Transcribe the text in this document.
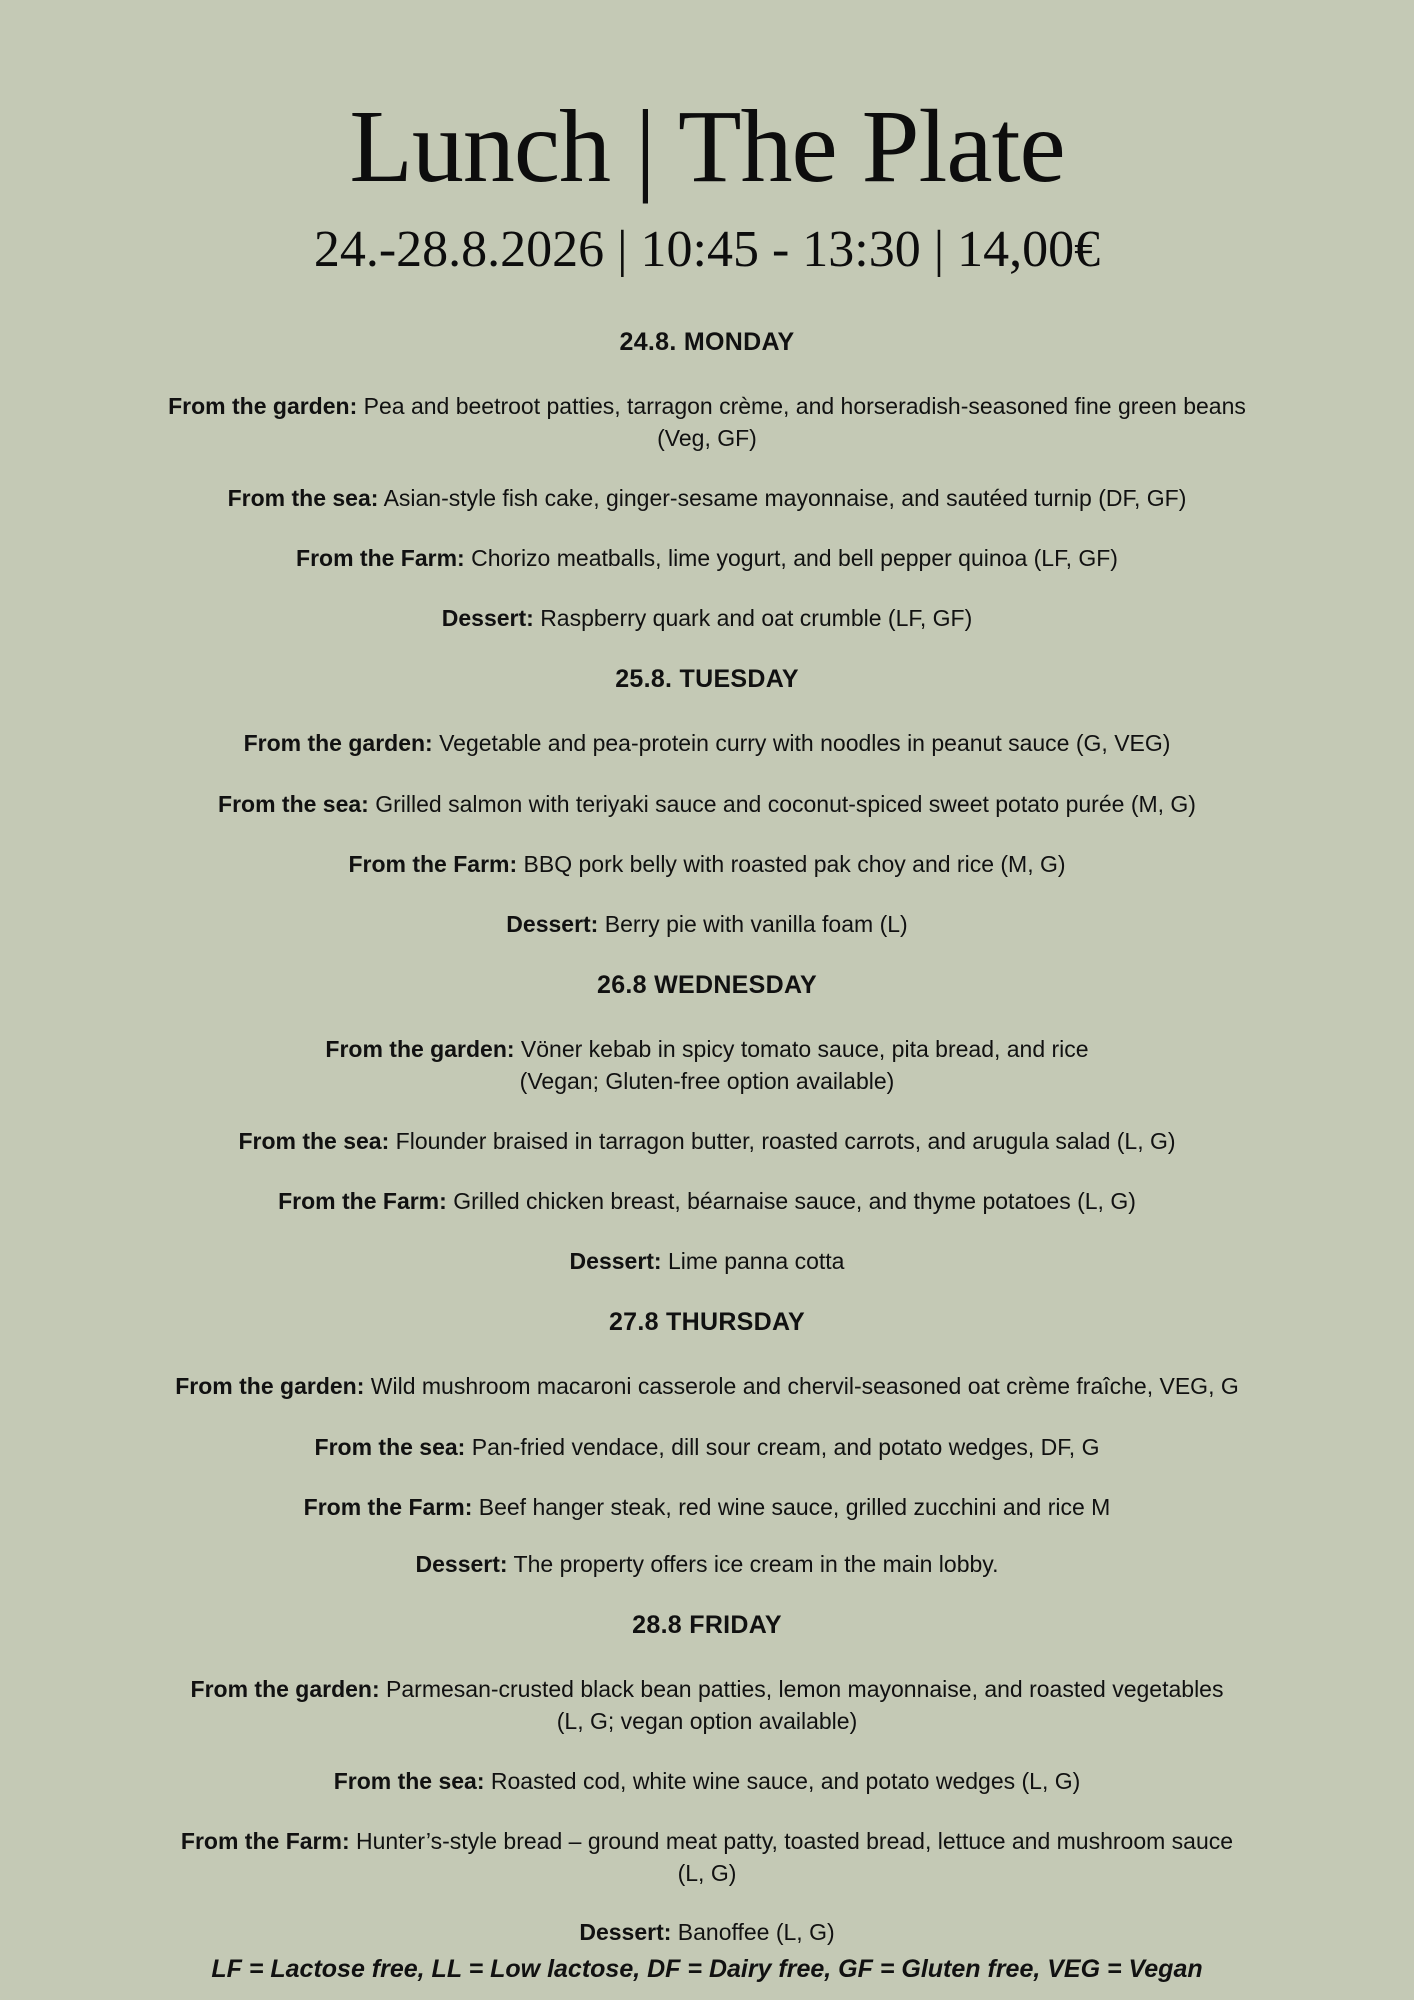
Lunch | The Plate
24.-28.8.2026 | 10:45 - 13:30 | 14,00€
24.8. MONDAY
From the garden: Pea and beetroot patties, tarragon crème, and horseradish-seasoned fine green beans
(Veg, GF)
From the sea: Asian-style fish cake, ginger-sesame mayonnaise, and sautéed turnip (DF, GF)
From the Farm: Chorizo meatballs, lime yogurt, and bell pepper quinoa (LF, GF)
Dessert: Raspberry quark and oat crumble (LF, GF)
25.8. TUESDAY
From the garden: Vegetable and pea-protein curry with noodles in peanut sauce (G, VEG)
From the sea: Grilled salmon with teriyaki sauce and coconut-spiced sweet potato purée (M, G)
From the Farm: BBQ pork belly with roasted pak choy and rice (M, G)
Dessert: Berry pie with vanilla foam (L)
26.8 WEDNESDAY
From the garden: Vöner kebab in spicy tomato sauce, pita bread, and rice
(Vegan; Gluten-free option available)
From the sea: Flounder braised in tarragon butter, roasted carrots, and arugula salad (L, G)
From the Farm: Grilled chicken breast, béarnaise sauce, and thyme potatoes (L, G)
Dessert: Lime panna cotta
27.8 THURSDAY
From the garden: Wild mushroom macaroni casserole and chervil-seasoned oat crème fraîche, VEG, G
From the sea: Pan-fried vendace, dill sour cream, and potato wedges, DF, G
From the Farm: Beef hanger steak, red wine sauce, grilled zucchini and rice M
Dessert: The property offers ice cream in the main lobby.
28.8 FRIDAY
From the garden: Parmesan-crusted black bean patties, lemon mayonnaise, and roasted vegetables
(L, G; vegan option available)
From the sea: Roasted cod, white wine sauce, and potato wedges (L, G)
From the Farm: Hunter’s-style bread – ground meat patty, toasted bread, lettuce and mushroom sauce
(L, G)
Dessert: Banoffee (L, G)
LF = Lactose free, LL = Low lactose, DF = Dairy free, GF = Gluten free, VEG = Vegan
